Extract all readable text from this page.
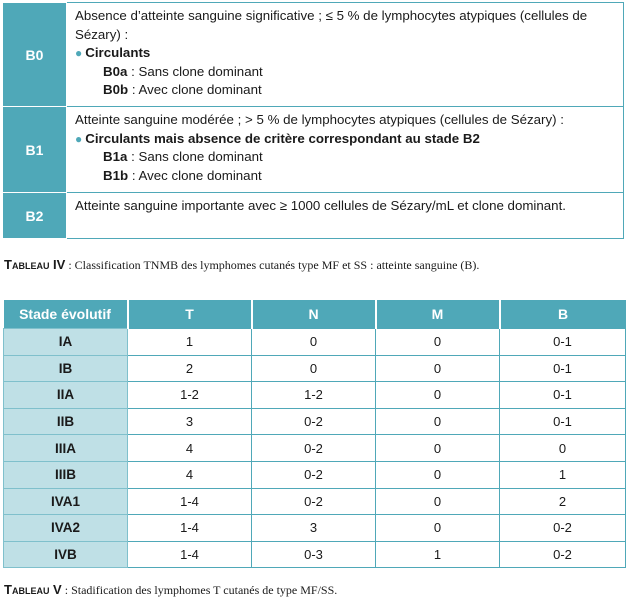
B0	Absence d’atteinte sanguine significative ; ≤ 5 % de lymphocytes atypiques (cellules de Sézary) :
● Circulants
B0a : Sans clone dominant
B0b : Avec clone dominant

B1	Atteinte sanguine modérée ; > 5 % de lymphocytes atypiques (cellules de Sézary) :
● Circulants mais absence de critère correspondant au stade B2
B1a : Sans clone dominant
B1b : Avec clone dominant

B2	Atteinte sanguine importante avec ≥ 1000 cellules de Sézary/mL et clone dominant.
Tableau IV : Classification TNMB des lymphomes cutanés type MF et SS : atteinte sanguine (B).
Stade évolutif	T	N	M	B
IA	1	0	0	0-1
IB	2	0	0	0-1
IIA	1-2	1-2	0	0-1
IIB	3	0-2	0	0-1
IIIA	4	0-2	0	0
IIIB	4	0-2	0	1
IVA1	1-4	0-2	0	2
IVA2	1-4	3	0	0-2
IVB	1-4	0-3	1	0-2
Tableau V : Stadification des lymphomes T cutanés de type MF/SS.
